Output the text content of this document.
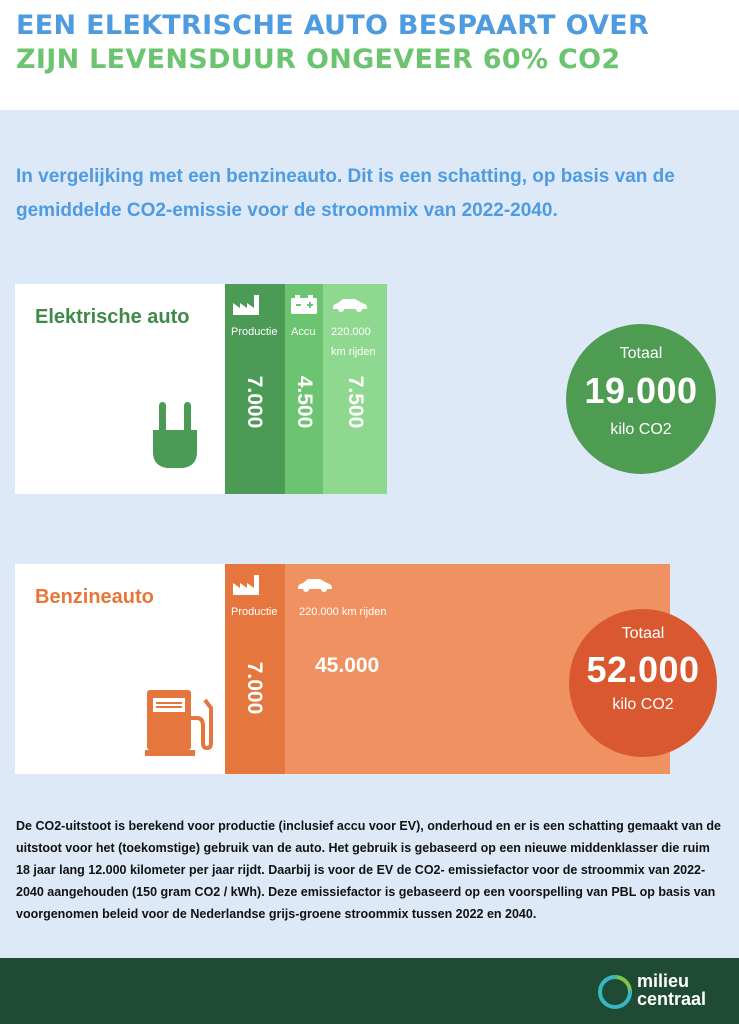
EEN ELEKTRISCHE AUTO BESPAART OVER
ZIJN LEVENSDUUR ONGEVEER 60% CO2
In vergelijking met een benzineauto. Dit is een schatting, op basis van de gemiddelde CO2-emissie voor de stroommix van 2022-2040.
Elektrische auto
Productie
7.000
Accu
4.500
220.000
km rijden
7.500
Totaal
19.000
kilo CO2
Benzineauto
Productie
7.000
220.000 km rijden
45.000
Totaal
52.000
kilo CO2
De CO2-uitstoot is berekend voor productie (inclusief accu voor EV), onderhoud en er is een schatting gemaakt van de uitstoot voor het (toekomstige) gebruik van de auto. Het gebruik is gebaseerd op een nieuwe middenklasser die ruim 18 jaar lang 12.000 kilometer per jaar rijdt. Daarbij is voor de EV de CO2- emissiefactor voor de stroommix van 2022-2040 aangehouden (150 gram CO2 / kWh). Deze emissiefactor is gebaseerd op een voorspelling van PBL op basis van voorgenomen beleid voor de Nederlandse grijs-groene stroommix tussen 2022 en 2040.
milieu
centraal
